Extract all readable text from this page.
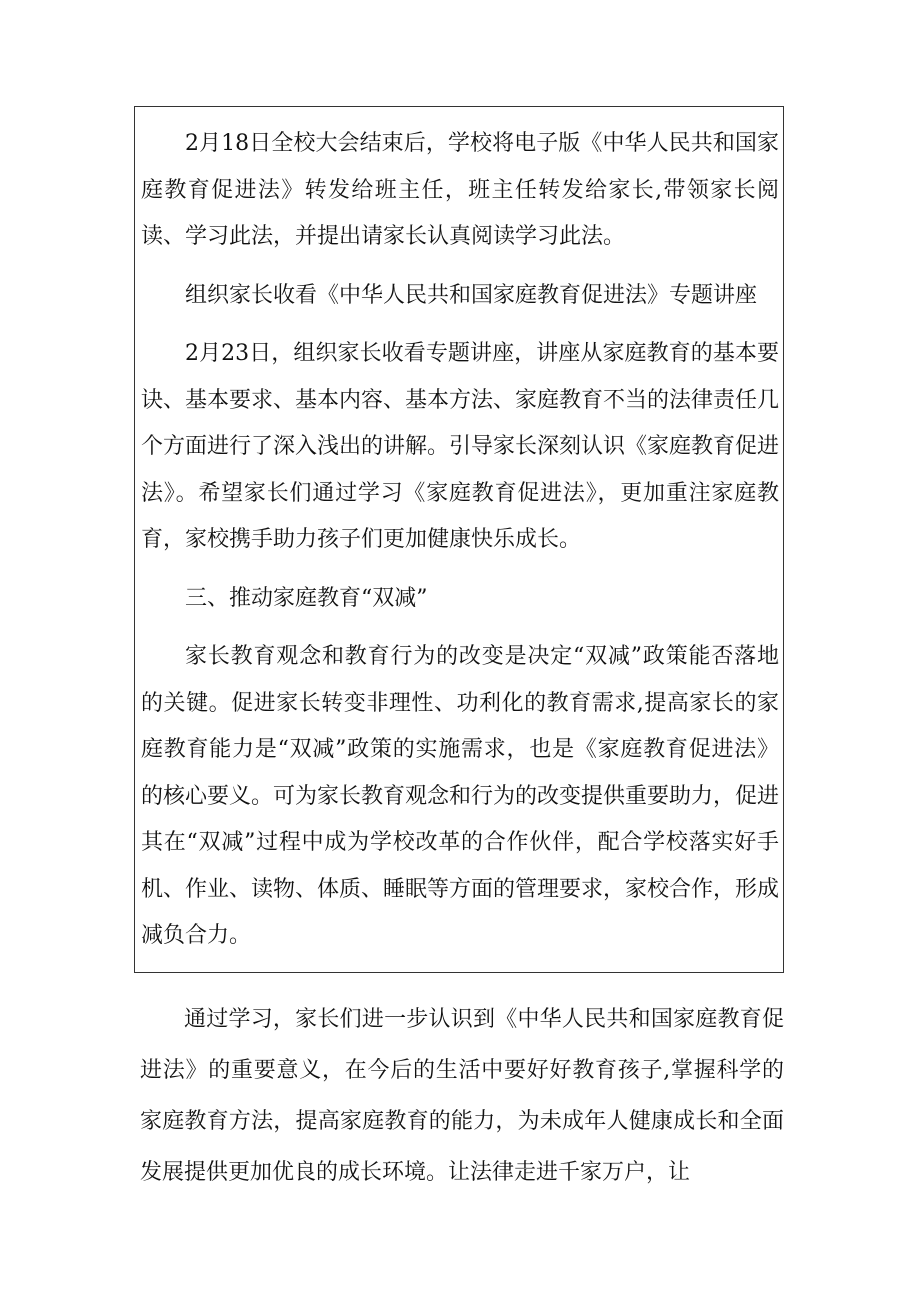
2月18日全校大会结束后，学校将电子版《中华人民共和国家庭教育促进法》转发给班主任，班主任转发给家长,带领家长阅读、学习此法，并提出请家长认真阅读学习此法。

组织家长收看《中华人民共和国家庭教育促进法》专题讲座

2月23日，组织家长收看专题讲座，讲座从家庭教育的基本要诀、基本要求、基本内容、基本方法、家庭教育不当的法律责任几个方面进行了深入浅出的讲解。引导家长深刻认识《家庭教育促进法》。希望家长们通过学习《家庭教育促进法》，更加重注家庭教育，家校携手助力孩子们更加健康快乐成长。

三、推动家庭教育“双减”

家长教育观念和教育行为的改变是决定“双减”政策能否落地的关键。促进家长转变非理性、功利化的教育需求,提高家长的家庭教育能力是“双减”政策的实施需求，也是《家庭教育促进法》的核心要义。可为家长教育观念和行为的改变提供重要助力，促进其在“双减”过程中成为学校改革的合作伙伴，配合学校落实好手机、作业、读物、体质、睡眠等方面的管理要求，家校合作，形成减负合力。

通过学习，家长们进一步认识到《中华人民共和国家庭教育促进法》的重要意义，在今后的生活中要好好教育孩子,掌握科学的家庭教育方法，提高家庭教育的能力，为未成年人健康成长和全面发展提供更加优良的成长环境。让法律走进千家万户，让
